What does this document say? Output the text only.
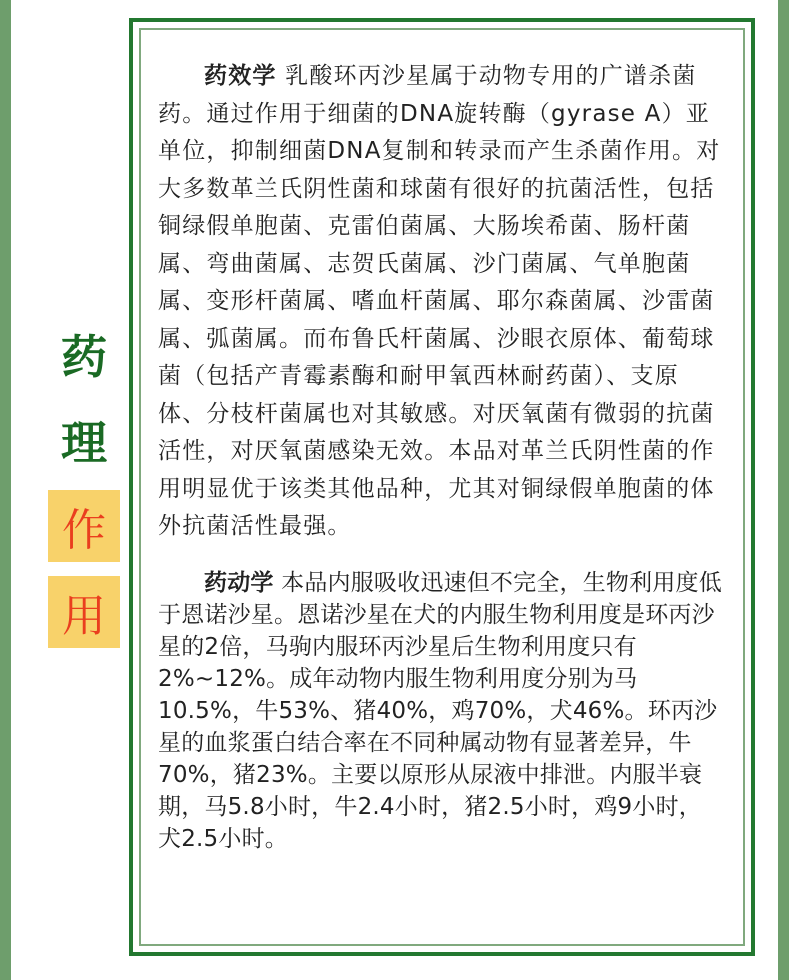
药
理
作
用

药效学 乳酸环丙沙星属于动物专用的广谱杀菌药。通过作用于细菌的DNA旋转酶（gyrase A）亚单位，抑制细菌DNA复制和转录而产生杀菌作用。对大多数革兰氏阴性菌和球菌有很好的抗菌活性，包括铜绿假单胞菌、克雷伯菌属、大肠埃希菌、肠杆菌属、弯曲菌属、志贺氏菌属、沙门菌属、气单胞菌属、变形杆菌属、嗜血杆菌属、耶尔森菌属、沙雷菌属、弧菌属。而布鲁氏杆菌属、沙眼衣原体、葡萄球菌（包括产青霉素酶和耐甲氧西林耐药菌）、支原体、分枝杆菌属也对其敏感。对厌氧菌有微弱的抗菌活性，对厌氧菌感染无效。本品对革兰氏阴性菌的作用明显优于该类其他品种，尤其对铜绿假单胞菌的体外抗菌活性最强。

药动学 本品内服吸收迅速但不完全，生物利用度低于恩诺沙星。恩诺沙星在犬的内服生物利用度是环丙沙星的2倍，马驹内服环丙沙星后生物利用度只有2%~12%。成年动物内服生物利用度分别为马10.5%，牛53%、猪40%，鸡70%，犬46%。环丙沙星的血浆蛋白结合率在不同种属动物有显著差异，牛70%，猪23%。主要以原形从尿液中排泄。内服半衰期，马5.8小时，牛2.4小时，猪2.5小时，鸡9小时，犬2.5小时。
